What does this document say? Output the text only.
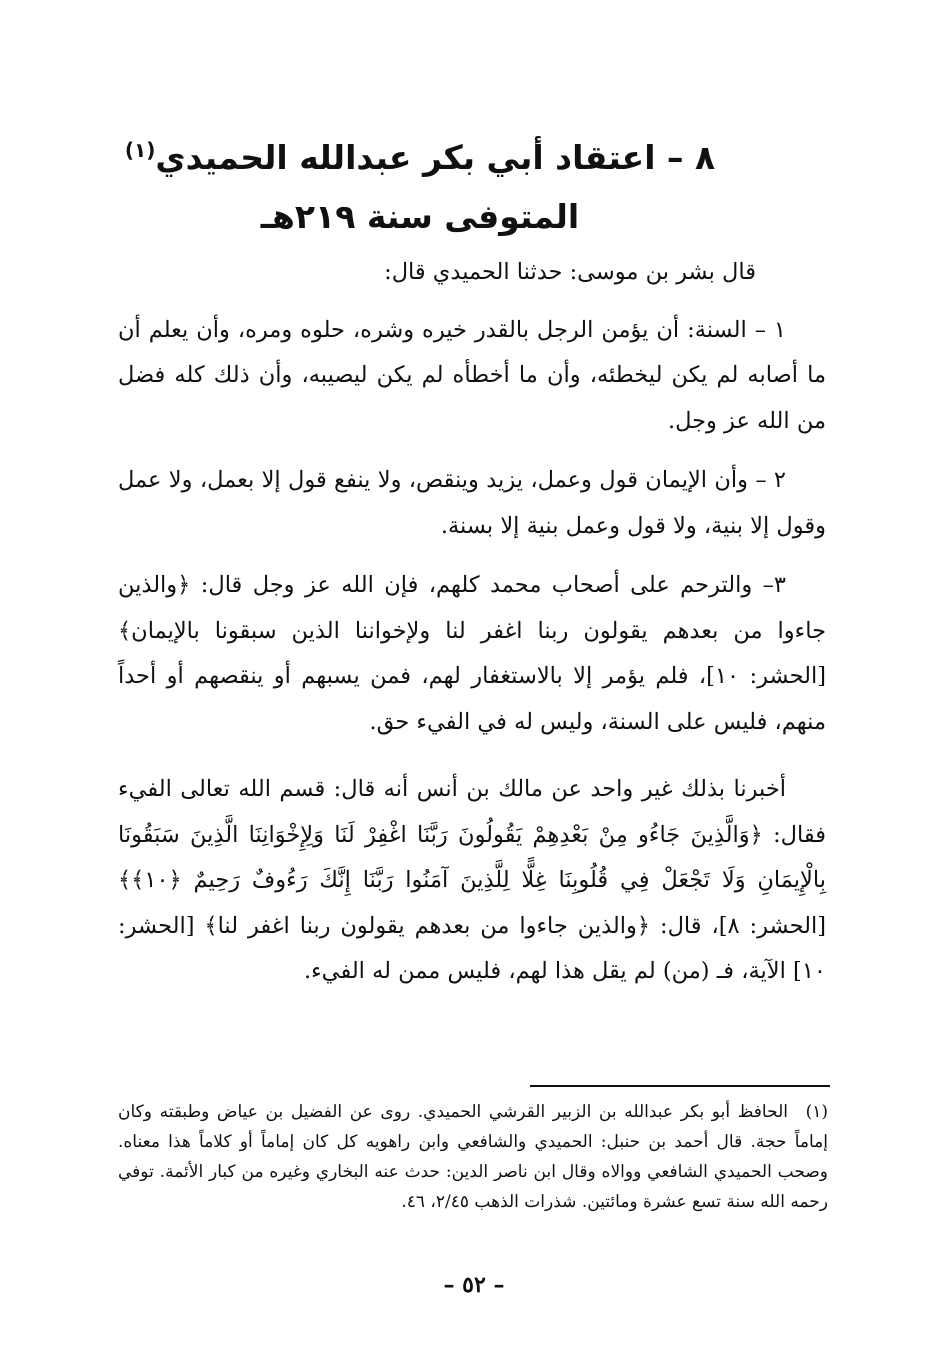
٨ – اعتقاد أبي بكر عبدالله الحميدي$^{(١)}$
المتوفى سنة ٢١٩هـ

قال بشر بن موسى: حدثنا الحميدي قال:

١ – السنة: أن يؤمن الرجل بالقدر خيره وشره، حلوه ومره، وأن يعلم أن ما أصابه لم يكن ليخطئه، وأن ما أخطأه لم يكن ليصيبه، وأن ذلك كله فضل من الله عز وجل.

٢ – وأن الإيمان قول وعمل، يزيد وينقص، ولا ينفع قول إلا بعمل، ولا عمل وقول إلا بنية، ولا قول وعمل بنية إلا بسنة.

٣– والترحم على أصحاب محمد كلهم، فإن الله عز وجل قال: ﴿والذين جاءوا من بعدهم يقولون ربنا اغفر لنا ولإخواننا الذين سبقونا بالإيمان﴾ [الحشر: ١٠]، فلم يؤمر إلا بالاستغفار لهم، فمن يسبهم أو ينقصهم أو أحداً منهم، فليس على السنة، وليس له في الفيء حق.

أخبرنا بذلك غير واحد عن مالك بن أنس أنه قال: قسم الله تعالى الفيء فقال: ﴿وَالَّذِينَ جَاءُو مِنْ بَعْدِهِمْ يَقُولُونَ رَبَّنَا اغْفِرْ لَنَا وَلِإِخْوَانِنَا الَّذِينَ سَبَقُونَا بِالْإِيمَانِ وَلَا تَجْعَلْ فِي قُلُوبِنَا غِلًّا لِلَّذِينَ آمَنُوا رَبَّنَا إِنَّكَ رَءُوفٌ رَحِيمٌ ﴿١٠﴾﴾ [الحشر: ٨]، قال: ﴿والذين جاءوا من بعدهم يقولون ربنا اغفر لنا﴾ [الحشر: ١٠] الآية، فـ (من) لم يقل هذا لهم، فليس ممن له الفيء.

(١)الحافظ أبو بكر عبدالله بن الزبير القرشي الحميدي. روى عن الفضيل بن عياض وطبقته وكان إماماً حجة. قال أحمد بن حنبل: الحميدي والشافعي وابن راهويه كل كان إماماً أو كلاماً هذا معناه. وصحب الحميدي الشافعي ووالاه وقال ابن ناصر الدين: حدث عنه البخاري وغيره من كبار الأئمة. توفي رحمه الله سنة تسع عشرة ومائتين. شذرات الذهب ٢/٤٥، ٤٦.
– ٥٢ –
